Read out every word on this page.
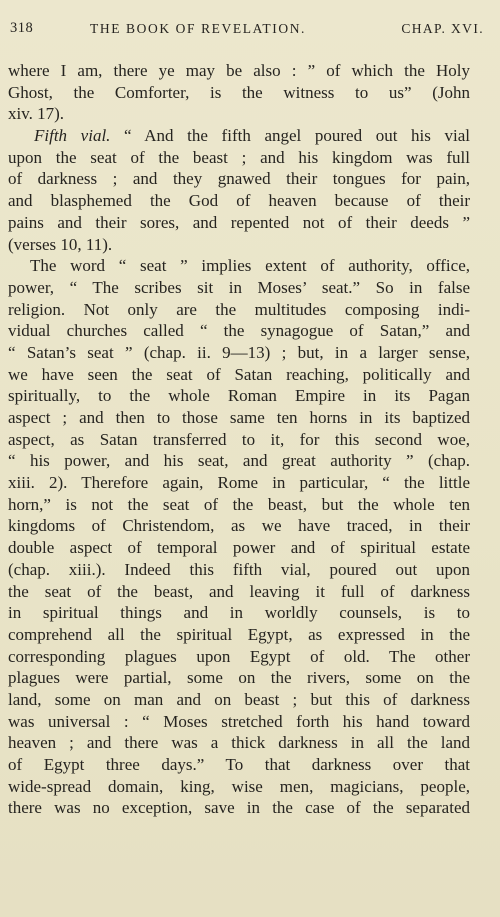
318	THE BOOK OF REVELATION.	CHAP. XVI.
where I am, there ye may be also : ” of which the Holy
Ghost, the Comforter, is the witness to us” (John
xiv. 17).
Fifth vial. “ And the fifth angel poured out his vial
upon the seat of the beast ; and his kingdom was full
of darkness ; and they gnawed their tongues for pain,
and blasphemed the God of heaven because of their
pains and their sores, and repented not of their deeds ”
(verses 10, 11).
The word “ seat ” implies extent of authority, office,
power, “ The scribes sit in Moses’ seat.” So in false
religion. Not only are the multitudes composing indi-
vidual churches called “ the synagogue of Satan,” and
“ Satan’s seat ” (chap. ii. 9—13) ; but, in a larger sense,
we have seen the seat of Satan reaching, politically and
spiritually, to the whole Roman Empire in its Pagan
aspect ; and then to those same ten horns in its baptized
aspect, as Satan transferred to it, for this second woe,
“ his power, and his seat, and great authority ” (chap.
xiii. 2). Therefore again, Rome in particular, “ the little
horn,” is not the seat of the beast, but the whole ten
kingdoms of Christendom, as we have traced, in their
double aspect of temporal power and of spiritual estate
(chap. xiii.). Indeed this fifth vial, poured out upon
the seat of the beast, and leaving it full of darkness
in spiritual things and in worldly counsels, is to
comprehend all the spiritual Egypt, as expressed in the
corresponding plagues upon Egypt of old. The other
plagues were partial, some on the rivers, some on the
land, some on man and on beast ; but this of darkness
was universal : “ Moses stretched forth his hand toward
heaven ; and there was a thick darkness in all the land
of Egypt three days.” To that darkness over that
wide-spread domain, king, wise men, magicians, people,
there was no exception, save in the case of the separated
